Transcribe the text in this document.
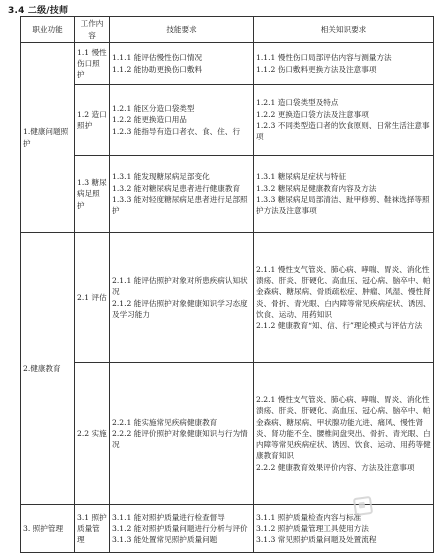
3.4 二级/技师
职业功能	工作内容	技能要求	相关知识要求
1.健康问题照护	1.1 慢性伤口照护	1.1.1 能评估慢性伤口情况
1.1.2 能协助更换伤口敷料	1.1.1 慢性伤口局部评估内容与测量方法
1.1.2 伤口敷料更换方法及注意事项

	1.2 造口照护	1.2.1 能区分造口袋类型
1.2.2 能更换造口用品
1.2.3 能指导有造口者衣、食、住、行	1.2.1 造口袋类型及特点
1.2.2 更换造口袋方法及注意事项
1.2.3 不同类型造口者的饮食原则、日常生活注意事项

	1.3 糖尿病足照护	1.3.1 能发现糖尿病足部变化
1.3.2 能对糖尿病足患者进行健康教育
1.3.3 能对轻度糖尿病足患者进行足部照护	1.3.1 糖尿病足症状与特征
1.3.2 糖尿病足健康教育内容及方法
1.3.3 糖尿病足局部清洁、趾甲修剪、鞋袜选择等照护方法及注意事项

2.健康教育	2.1 评估	2.1.1 能评估照护对象对所患疾病认知状况
2.1.2 能评估照护对象健康知识学习态度及学习能力	2.1.1 慢性支气管炎、肺心病、哮喘、胃炎、消化性溃疡、肝炎、肝硬化、高血压、冠心病、脑卒中、帕金森病、糖尿病、骨质疏松症、肿瘤、风湿、慢性肾炎、骨折、青光眼、白内障等常见疾病症状、诱因、饮食、运动、用药知识
2.1.2 健康教育“知、信、行”理论模式与评估方法

	2.2 实施	2.2.1 能实施常见疾病健康教育
2.2.2 能评价照护对象健康知识与行为情况	2.2.1 慢性支气管炎、肺心病、哮喘、胃炎、消化性溃疡、肝炎、肝硬化、高血压、冠心病、脑卒中、帕金森病、糖尿病、甲状腺功能亢进、痛风、慢性肾炎、肾功能不全、腰椎间盘突出、骨折、青光眼、白内障等常见疾病症状、诱因、饮食、运动、用药等健康教育知识
2.2.2 健康教育效果评价内容、方法及注意事项

3. 照护管理	3.1 照护质量管理	3.1.1 能对照护质量进行检查督导
3.1.2 能对照护质量问题进行分析与评价
3.1.3 能处置常见照护质量问题	3.1.1 照护质量检查内容与标准
3.1.2 照护质量管理工具使用方法
3.1.3 常见照护质量问题及处置流程
